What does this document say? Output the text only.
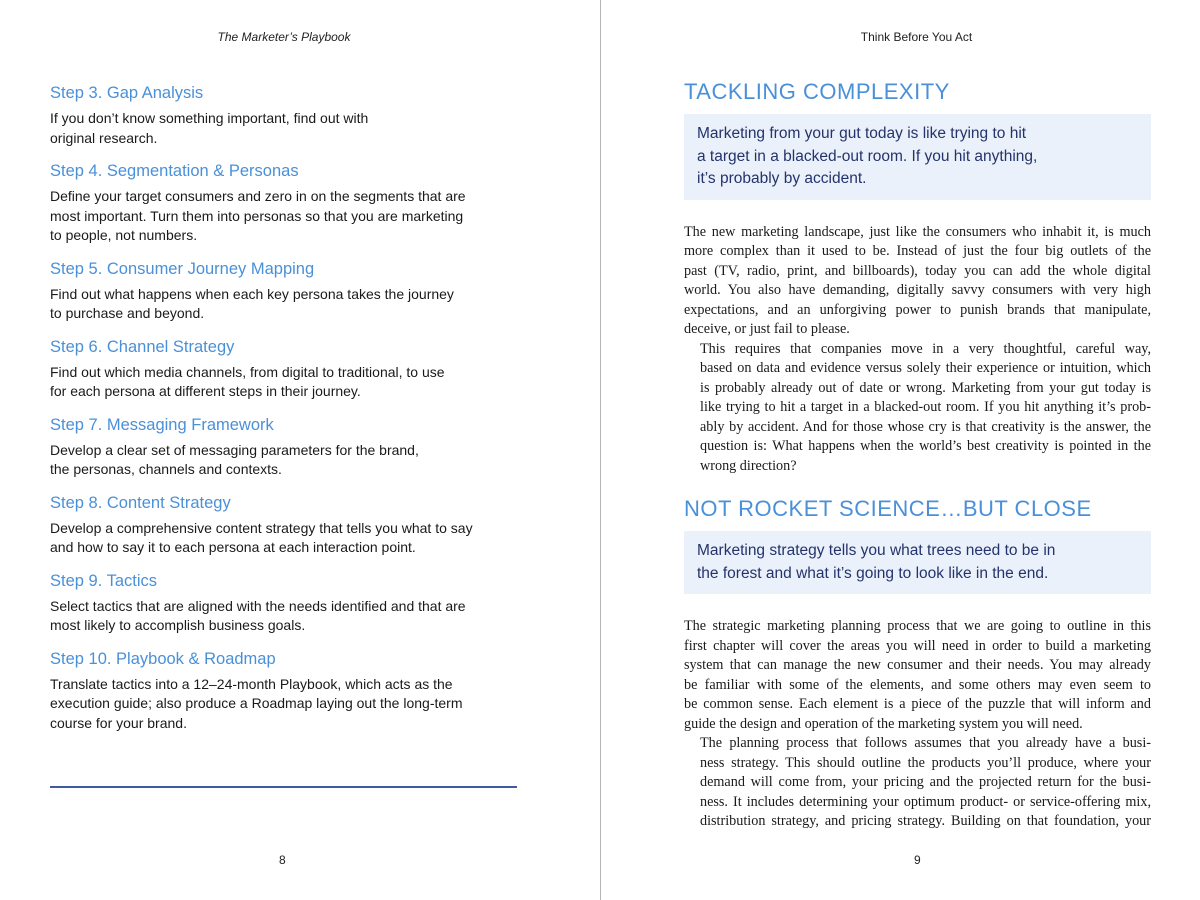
The Marketer’s Playbook
Step 3. Gap Analysis

If you don’t know something important, find out with
original research.

Step 4. Segmentation & Personas

Define your target consumers and zero in on the segments that are
most important. Turn them into personas so that you are marketing
to people, not numbers.

Step 5. Consumer Journey Mapping

Find out what happens when each key persona takes the journey
to purchase and beyond.

Step 6. Channel Strategy

Find out which media channels, from digital to traditional, to use
for each persona at different steps in their journey.

Step 7. Messaging Framework

Develop a clear set of messaging parameters for the brand,
the personas, channels and contexts.

Step 8. Content Strategy

Develop a comprehensive content strategy that tells you what to say
and how to say it to each persona at each interaction point.

Step 9. Tactics

Select tactics that are aligned with the needs identified and that are
most likely to accomplish business goals.

Step 10. Playbook & Roadmap

Translate tactics into a 12–24-month Playbook, which acts as the
execution guide; also produce a Roadmap laying out the long-term
course for your brand.

8
Think Before You Act
TACKLING COMPLEXITY
Marketing from your gut today is like trying to hit
a target in a blacked-out room. If you hit anything,
it’s probably by accident.

The new marketing landscape, just like the consumers who inhabit it, is much
more complex than it used to be. Instead of just the four big outlets of the
past (TV, radio, print, and billboards), today you can add the whole digital
world. You also have demanding, digitally savvy consumers with very high
expectations, and an unforgiving power to punish brands that manipulate,
deceive, or just fail to please.

This requires that companies move in a very thoughtful, careful way,
based on data and evidence versus solely their experience or intuition, which
is probably already out of date or wrong. Marketing from your gut today is
like trying to hit a target in a blacked-out room. If you hit anything it’s prob-
ably by accident. And for those whose cry is that creativity is the answer, the
question is: What happens when the world’s best creativity is pointed in the
wrong direction?

NOT ROCKET SCIENCE…BUT CLOSE
Marketing strategy tells you what trees need to be in
the forest and what it’s going to look like in the end.

The strategic marketing planning process that we are going to outline in this
first chapter will cover the areas you will need in order to build a marketing
system that can manage the new consumer and their needs. You may already
be familiar with some of the elements, and some others may even seem to
be common sense. Each element is a piece of the puzzle that will inform and
guide the design and operation of the marketing system you will need.

The planning process that follows assumes that you already have a busi-
ness strategy. This should outline the products you’ll produce, where your
demand will come from, your pricing and the projected return for the busi-
ness. It includes determining your optimum product- or service-offering mix,
distribution strategy, and pricing strategy. Building on that foundation, your

9
